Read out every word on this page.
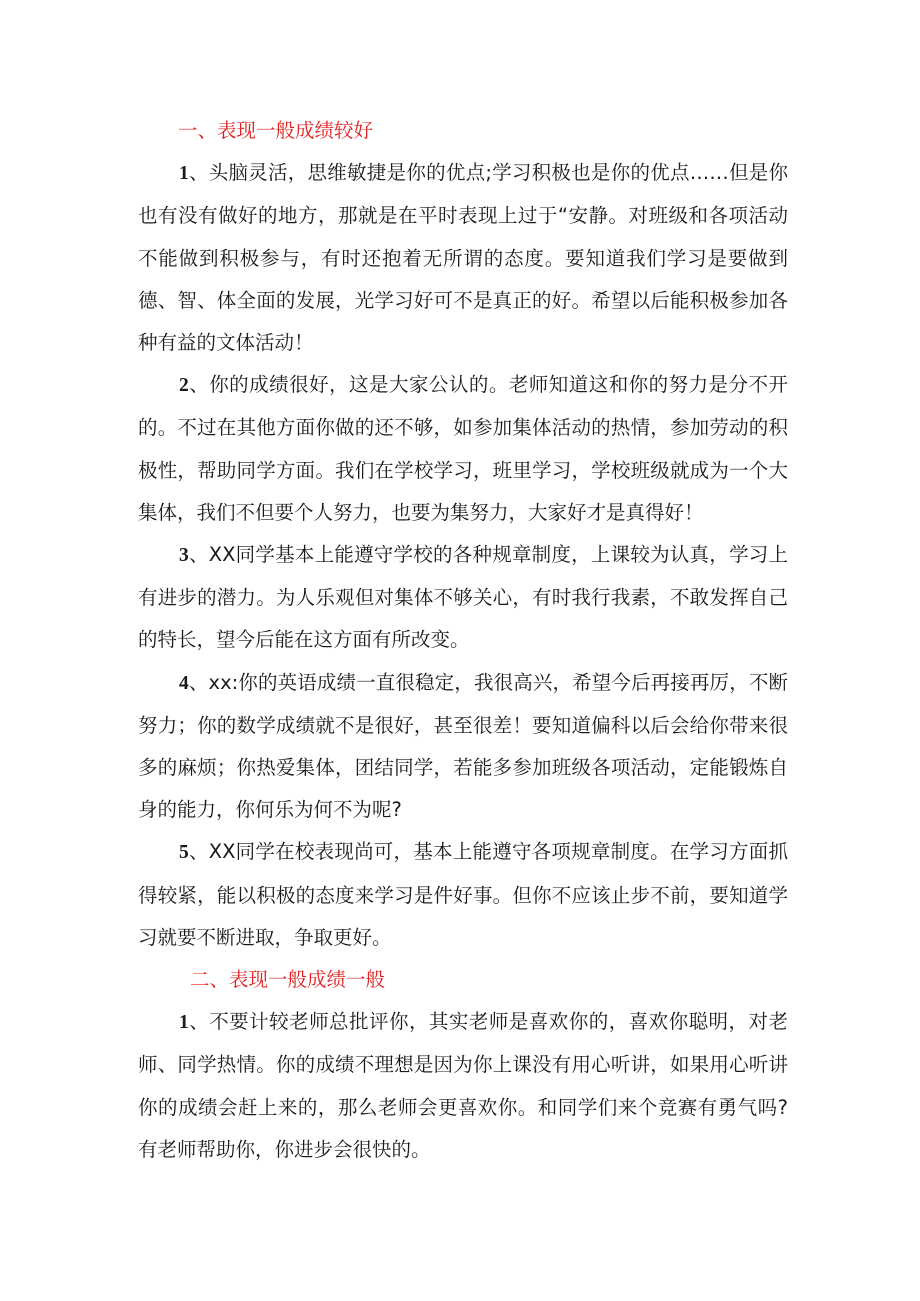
一、表现一般成绩较好

1、头脑灵活，思维敏捷是你的优点;学习积极也是你的优点……但是你也有没有做好的地方，那就是在平时表现上过于“安静。对班级和各项活动不能做到积极参与，有时还抱着无所谓的态度。要知道我们学习是要做到德、智、体全面的发展，光学习好可不是真正的好。希望以后能积极参加各种有益的文体活动！

2、你的成绩很好，这是大家公认的。老师知道这和你的努力是分不开的。不过在其他方面你做的还不够，如参加集体活动的热情，参加劳动的积极性，帮助同学方面。我们在学校学习，班里学习，学校班级就成为一个大集体，我们不但要个人努力，也要为集努力，大家好才是真得好！

3、XX同学基本上能遵守学校的各种规章制度，上课较为认真，学习上有进步的潜力。为人乐观但对集体不够关心，有时我行我素，不敢发挥自己的特长，望今后能在这方面有所改变。

4、xx:你的英语成绩一直很稳定，我很高兴，希望今后再接再厉，不断努力；你的数学成绩就不是很好，甚至很差！要知道偏科以后会给你带来很多的麻烦；你热爱集体，团结同学，若能多参加班级各项活动，定能锻炼自身的能力，你何乐为何不为呢?

5、XX同学在校表现尚可，基本上能遵守各项规章制度。在学习方面抓得较紧，能以积极的态度来学习是件好事。但你不应该止步不前，要知道学习就要不断进取，争取更好。

二、表现一般成绩一般

1、不要计较老师总批评你，其实老师是喜欢你的，喜欢你聪明，对老师、同学热情。你的成绩不理想是因为你上课没有用心听讲，如果用心听讲你的成绩会赶上来的，那么老师会更喜欢你。和同学们来个竞赛有勇气吗?有老师帮助你，你进步会很快的。
